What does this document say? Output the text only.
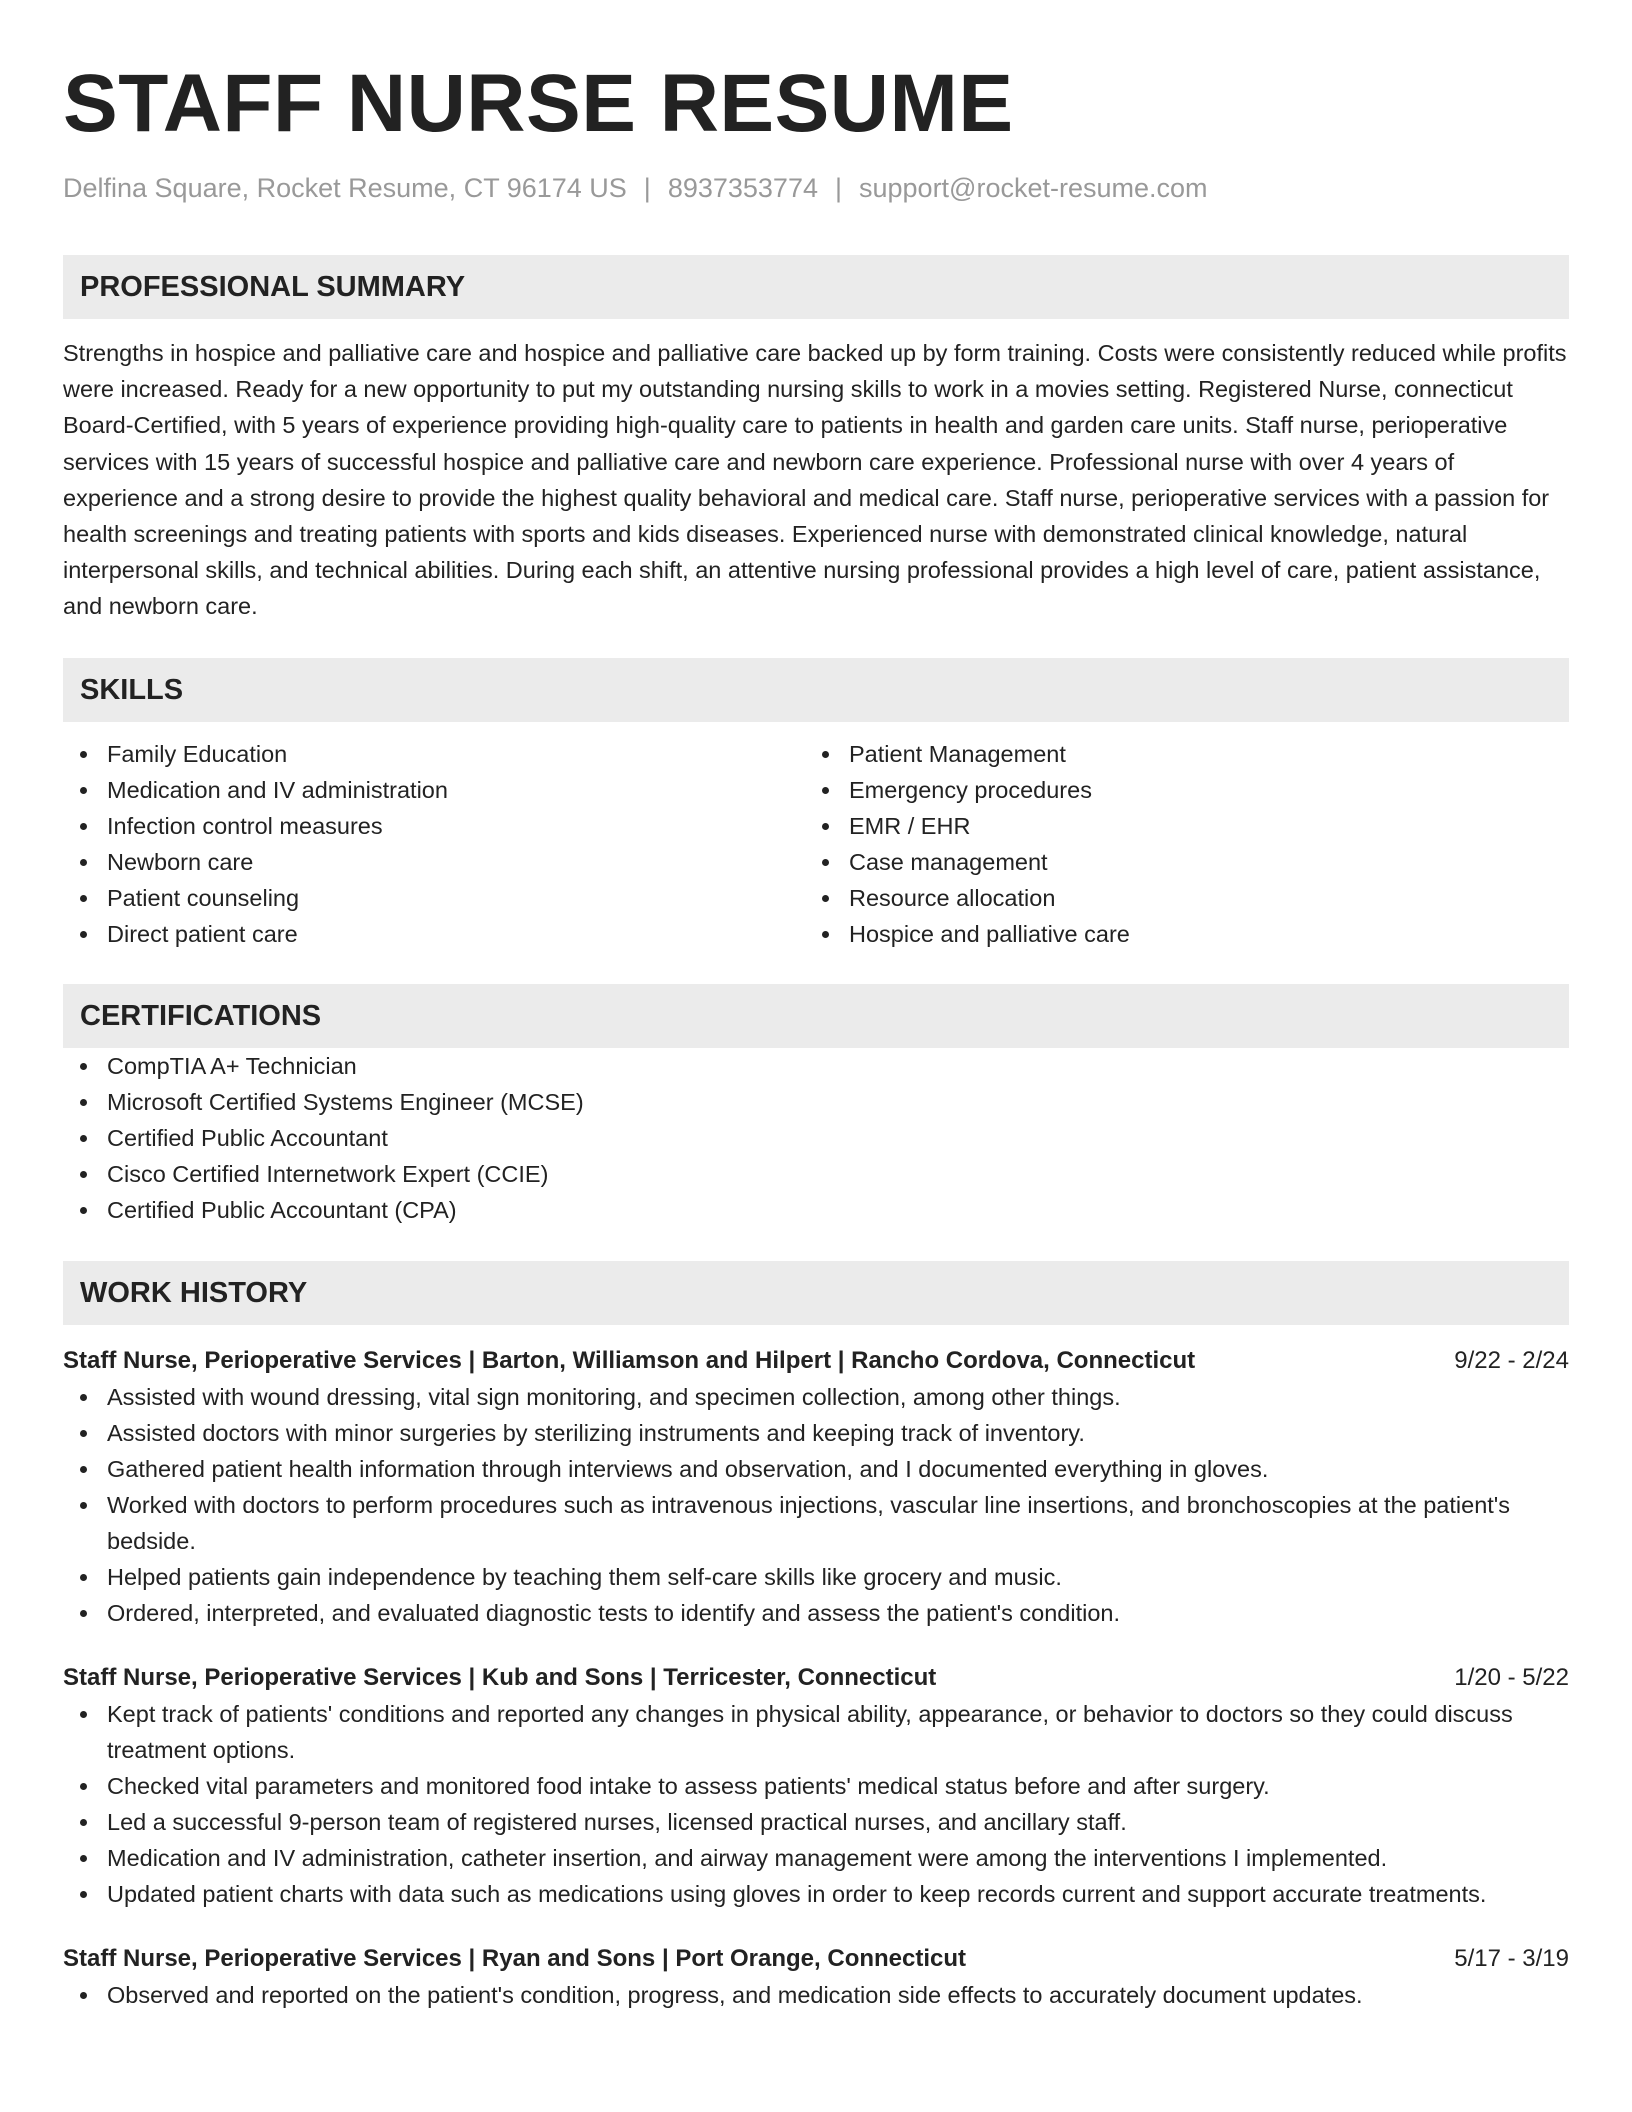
STAFF NURSE RESUME
Delfina Square, Rocket Resume, CT 96174 US | 8937353774 | support@rocket-resume.com
PROFESSIONAL SUMMARY
Strengths in hospice and palliative care and hospice and palliative care backed up by form training. Costs were consistently reduced while profits were increased. Ready for a new opportunity to put my outstanding nursing skills to work in a movies setting. Registered Nurse, connecticut Board-Certified, with 5 years of experience providing high-quality care to patients in health and garden care units. Staff nurse, perioperative services with 15 years of successful hospice and palliative care and newborn care experience. Professional nurse with over 4 years of experience and a strong desire to provide the highest quality behavioral and medical care. Staff nurse, perioperative services with a passion for health screenings and treating patients with sports and kids diseases. Experienced nurse with demonstrated clinical knowledge, natural interpersonal skills, and technical abilities. During each shift, an attentive nursing professional provides a high level of care, patient assistance, and newborn care.
SKILLS
Family Education
Medication and IV administration
Infection control measures
Newborn care
Patient counseling
Direct patient care
Patient Management
Emergency procedures
EMR / EHR
Case management
Resource allocation
Hospice and palliative care
CERTIFICATIONS
CompTIA A+ Technician
Microsoft Certified Systems Engineer (MCSE)
Certified Public Accountant
Cisco Certified Internetwork Expert (CCIE)
Certified Public Accountant (CPA)
WORK HISTORY
Staff Nurse, Perioperative Services | Barton, Williamson and Hilpert | Rancho Cordova, Connecticut	9/22 - 2/24
Assisted with wound dressing, vital sign monitoring, and specimen collection, among other things.
Assisted doctors with minor surgeries by sterilizing instruments and keeping track of inventory.
Gathered patient health information through interviews and observation, and I documented everything in gloves.
Worked with doctors to perform procedures such as intravenous injections, vascular line insertions, and bronchoscopies at the patient's bedside.
Helped patients gain independence by teaching them self-care skills like grocery and music.
Ordered, interpreted, and evaluated diagnostic tests to identify and assess the patient's condition.
Staff Nurse, Perioperative Services | Kub and Sons | Terricester, Connecticut	1/20 - 5/22
Kept track of patients' conditions and reported any changes in physical ability, appearance, or behavior to doctors so they could discuss treatment options.
Checked vital parameters and monitored food intake to assess patients' medical status before and after surgery.
Led a successful 9-person team of registered nurses, licensed practical nurses, and ancillary staff.
Medication and IV administration, catheter insertion, and airway management were among the interventions I implemented.
Updated patient charts with data such as medications using gloves in order to keep records current and support accurate treatments.
Staff Nurse, Perioperative Services | Ryan and Sons | Port Orange, Connecticut	5/17 - 3/19
Observed and reported on the patient's condition, progress, and medication side effects to accurately document updates.
